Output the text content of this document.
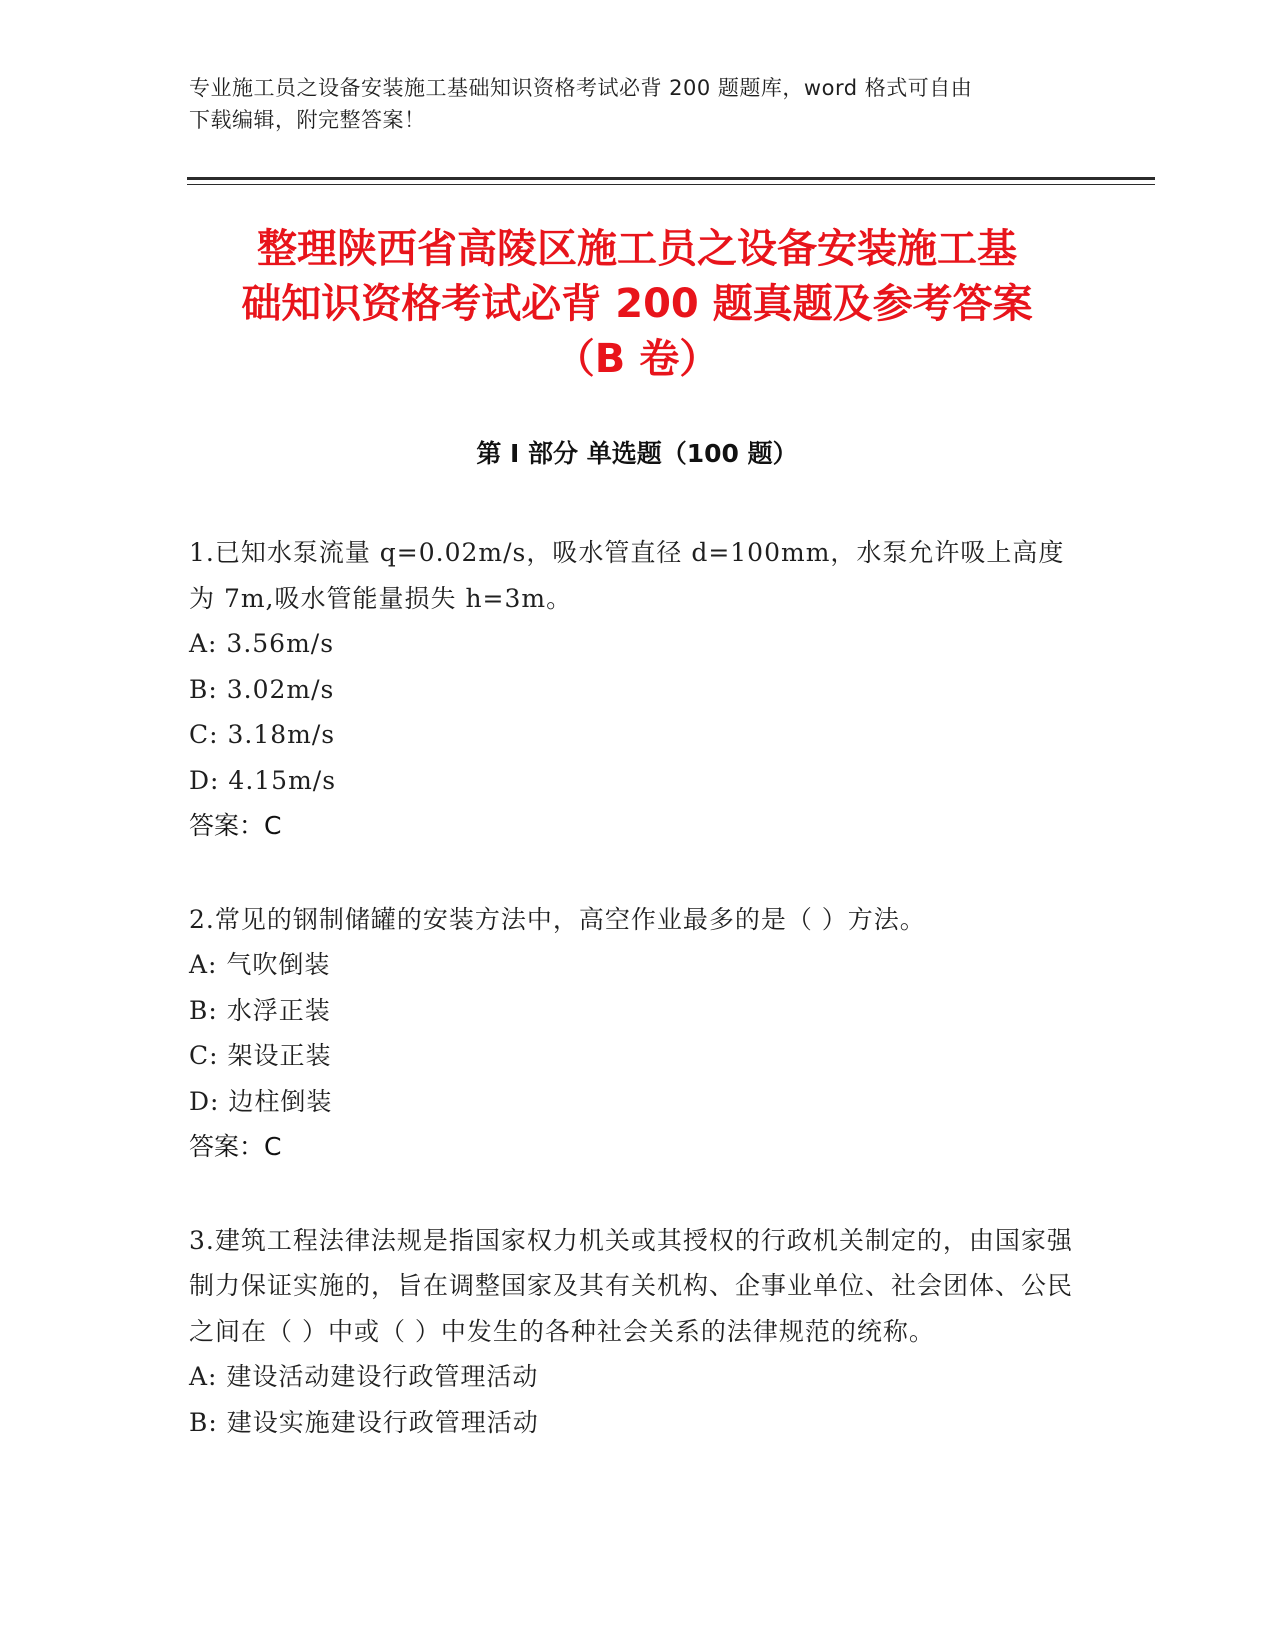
专业施工员之设备安装施工基础知识资格考试必背 200 题题库，word 格式可自由
下载编辑，附完整答案！
整理陕西省高陵区施工员之设备安装施工基
础知识资格考试必背 200 题真题及参考答案
（B 卷）
第 I 部分 单选题（100 题）
1.已知水泵流量 q=0.02m/s，吸水管直径 d=100mm，水泵允许吸上高度为 7m,吸水管能量损失 h=3m。
A: 3.56m/s
B: 3.02m/s
C: 3.18m/s
D: 4.15m/s
答案：C
2.常见的钢制储罐的安装方法中，高空作业最多的是（ ）方法。
A: 气吹倒装
B: 水浮正装
C: 架设正装
D: 边柱倒装
答案：C
3.建筑工程法律法规是指国家权力机关或其授权的行政机关制定的，由国家强制力保证实施的，旨在调整国家及其有关机构、企事业单位、社会团体、公民之间在（ ）中或（ ）中发生的各种社会关系的法律规范的统称。
A: 建设活动建设行政管理活动
B: 建设实施建设行政管理活动
